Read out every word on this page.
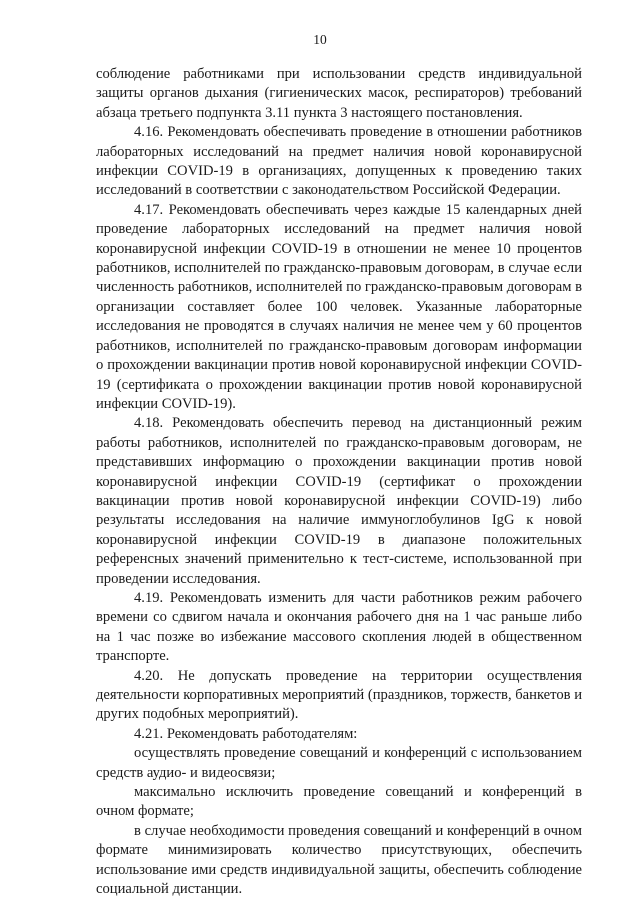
10

соблюдение работниками при использовании средств индивидуальной защиты органов дыхания (гигиенических масок, респираторов) требований абзаца третьего подпункта 3.11 пункта 3 настоящего постановления.

4.16. Рекомендовать обеспечивать проведение в отношении работников лабораторных исследований на предмет наличия новой коронавирусной инфекции COVID-19 в организациях, допущенных к проведению таких исследований в соответствии с законодательством Российской Федерации.

4.17. Рекомендовать обеспечивать через каждые 15 календарных дней проведение лабораторных исследований на предмет наличия новой коронавирусной инфекции COVID-19 в отношении не менее 10 процентов работников, исполнителей по гражданско-правовым договорам, в случае если численность работников, исполнителей по гражданско-правовым договорам в организации составляет более 100 человек. Указанные лабораторные исследования не проводятся в случаях наличия не менее чем у 60 процентов работников, исполнителей по гражданско-правовым договорам информации о прохождении вакцинации против новой коронавирусной инфекции COVID-19 (сертификата о прохождении вакцинации против новой коронавирусной инфекции COVID-19).

4.18. Рекомендовать обеспечить перевод на дистанционный режим работы работников, исполнителей по гражданско-правовым договорам, не представивших информацию о прохождении вакцинации против новой коронавирусной инфекции COVID-19 (сертификат о прохождении вакцинации против новой коронавирусной инфекции COVID-19) либо результаты исследования на наличие иммуноглобулинов IgG к новой коронавирусной инфекции COVID-19 в диапазоне положительных референсных значений применительно к тест-системе, использованной при проведении исследования.

4.19. Рекомендовать изменить для части работников режим рабочего времени со сдвигом начала и окончания рабочего дня на 1 час раньше либо на 1 час позже во избежание массового скопления людей в общественном транспорте.

4.20. Не допускать проведение на территории осуществления деятельности корпоративных мероприятий (праздников, торжеств, банкетов и других подобных мероприятий).

4.21. Рекомендовать работодателям:

осуществлять проведение совещаний и конференций с использованием средств аудио- и видеосвязи;

максимально исключить проведение совещаний и конференций в очном формате;

в случае необходимости проведения совещаний и конференций в очном формате минимизировать количество присутствующих, обеспечить использование ими средств индивидуальной защиты, обеспечить соблюдение социальной дистанции.
